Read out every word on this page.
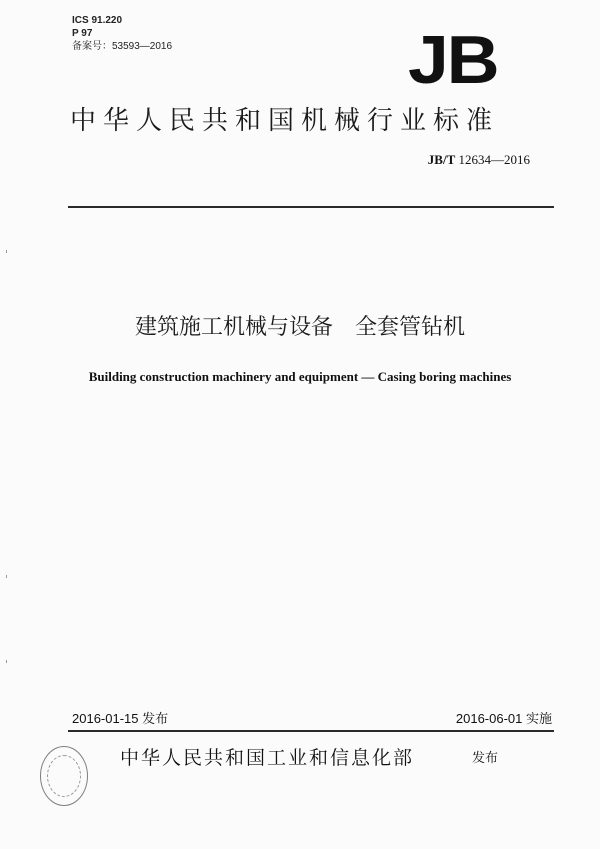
ICS 91.220
P 97
备案号：53593—2016	JB
中华人民共和国机械行业标准
JB/T 12634—2016
建筑施工机械与设备　全套管钻机
Building construction machinery and equipment — Casing boring machines
2016-01-15 发布	2016-06-01 实施
中华人民共和国工业和信息化部	发布
